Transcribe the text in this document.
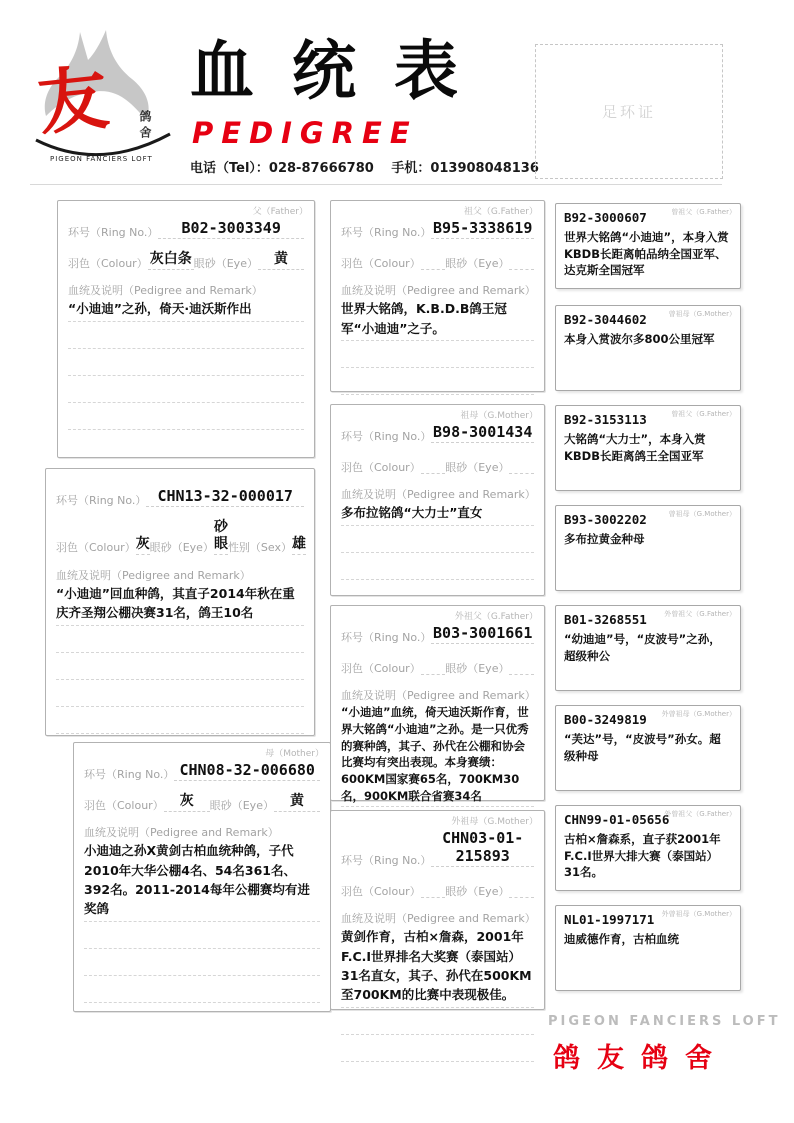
友 鸽舍
PIGEON FANCIERS LOFT
血统表
PEDIGREE
电话（Tel）：028-87666780　 手机：013908048136
足环证
父（Father）
环号（Ring No.）	B02-3003349
羽色（Colour） 灰白条 眼砂（Eye）	黄
血统及说明（Pedigree and Remark）
“小迪迪”之孙，倚天·迪沃斯作出
环号（Ring No.） CHN13-32-000017
羽色（Colour） 灰 眼砂（Eye）
砂眼 性别（Sex） 雄
血统及说明（Pedigree and Remark）
“小迪迪”回血种鸽，其直子2014年秋在重庆齐圣翔公棚决赛31名，鸽王10名
母（Mother）
环号（Ring No.） CHN08-32-006680
羽色（Colour）	灰	眼砂（Eye）	黄
血统及说明（Pedigree and Remark）
小迪迪之孙X黄剑古柏血统种鸽，子代2010年大华公棚4名、54名361名、392名。2011-2014每年公棚赛均有进奖鸽
祖父（G.Father）
环号（Ring No.） B95-3338619
羽色（Colour） 眼砂（Eye）
血统及说明（Pedigree and Remark）
世界大铭鸽，K.B.D.B鸽王冠军“小迪迪”之子。
祖母（G.Mother）
环号（Ring No.） B98-3001434
羽色（Colour） 眼砂（Eye）
血统及说明（Pedigree and Remark）
多布拉铭鸽“大力士”直女
外祖父（G.Father）
环号（Ring No.） B03-3001661
羽色（Colour） 眼砂（Eye）
血统及说明（Pedigree and Remark）
“小迪迪”血统，倚天迪沃斯作育，世界大铭鸽“小迪迪”之孙。是一只优秀的赛种鸽，其子、孙代在公棚和协会比赛均有突出表现。本身赛绩：600KM国家赛65名，700KM30名，900KM联合省赛34名
外祖母（G.Mother）
环号（Ring No.）
CHN03-01-215893
羽色（Colour） 眼砂（Eye）
血统及说明（Pedigree and Remark）
黄剑作育，古柏×詹森，2001年F.C.I世界排名大奖赛（泰国站）31名直女，其子、孙代在500KM至700KM的比赛中表现极佳。
曾祖父（G.Father）
B92-3000607
世界大铭鸽“小迪迪”，本身入赏KBDB长距离帕品纳全国亚军、达克斯全国冠军
曾祖母（G.Mother）
B92-3044602
本身入赏波尔多800公里冠军
曾祖父（G.Father）
B92-3153113
大铭鸽“大力士”，本身入赏KBDB长距离鸽王全国亚军
曾祖母（G.Mother）
B93-3002202
多布拉黄金种母
外曾祖父（G.Father）
B01-3268551
“幼迪迪”号，“皮波号”之孙，超级种公
外曾祖母（G.Mother）
B00-3249819
“芙达”号，“皮波号”孙女。超级种母
外曾祖父（G.Father）
CHN99-01-05656
古柏×詹森系，直子获2001年F.C.I世界大排大赛（泰国站）31名。
外曾祖母（G.Mother）
NL01-1997171
迪威德作育，古柏血统
PIGEON FANCIERS LOFT
鸽友鸽舍
